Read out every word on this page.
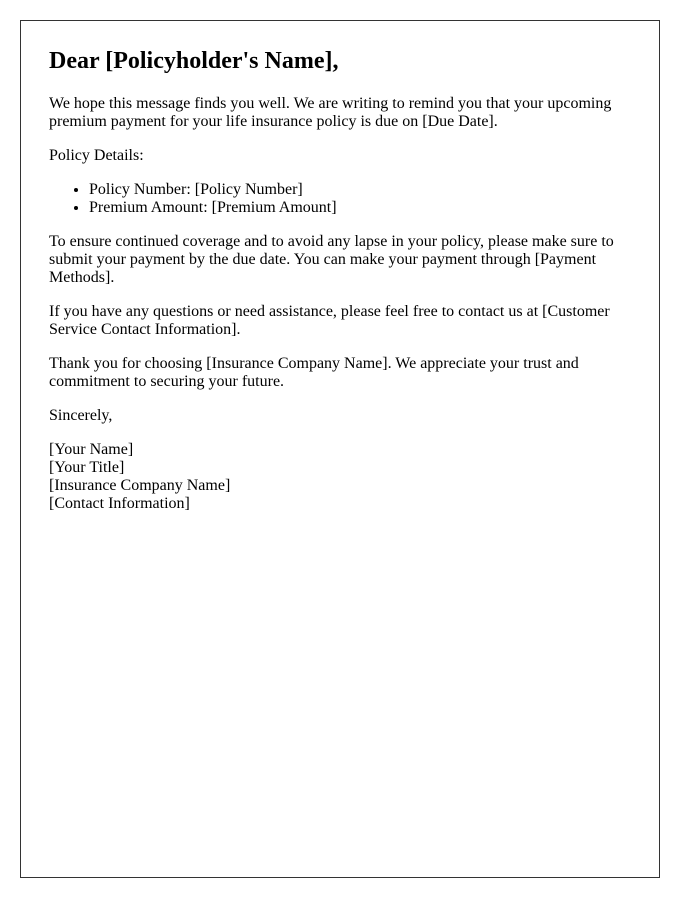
Dear [Policyholder's Name],

We hope this message finds you well. We are writing to remind you that your upcoming premium payment for your life insurance policy is due on [Due Date].

Policy Details:

• Policy Number: [Policy Number]
• Premium Amount: [Premium Amount]

To ensure continued coverage and to avoid any lapse in your policy, please make sure to submit your payment by the due date. You can make your payment through [Payment Methods].

If you have any questions or need assistance, please feel free to contact us at [Customer Service Contact Information].

Thank you for choosing [Insurance Company Name]. We appreciate your trust and commitment to securing your future.

Sincerely,

[Your Name]
[Your Title]
[Insurance Company Name]
[Contact Information]
